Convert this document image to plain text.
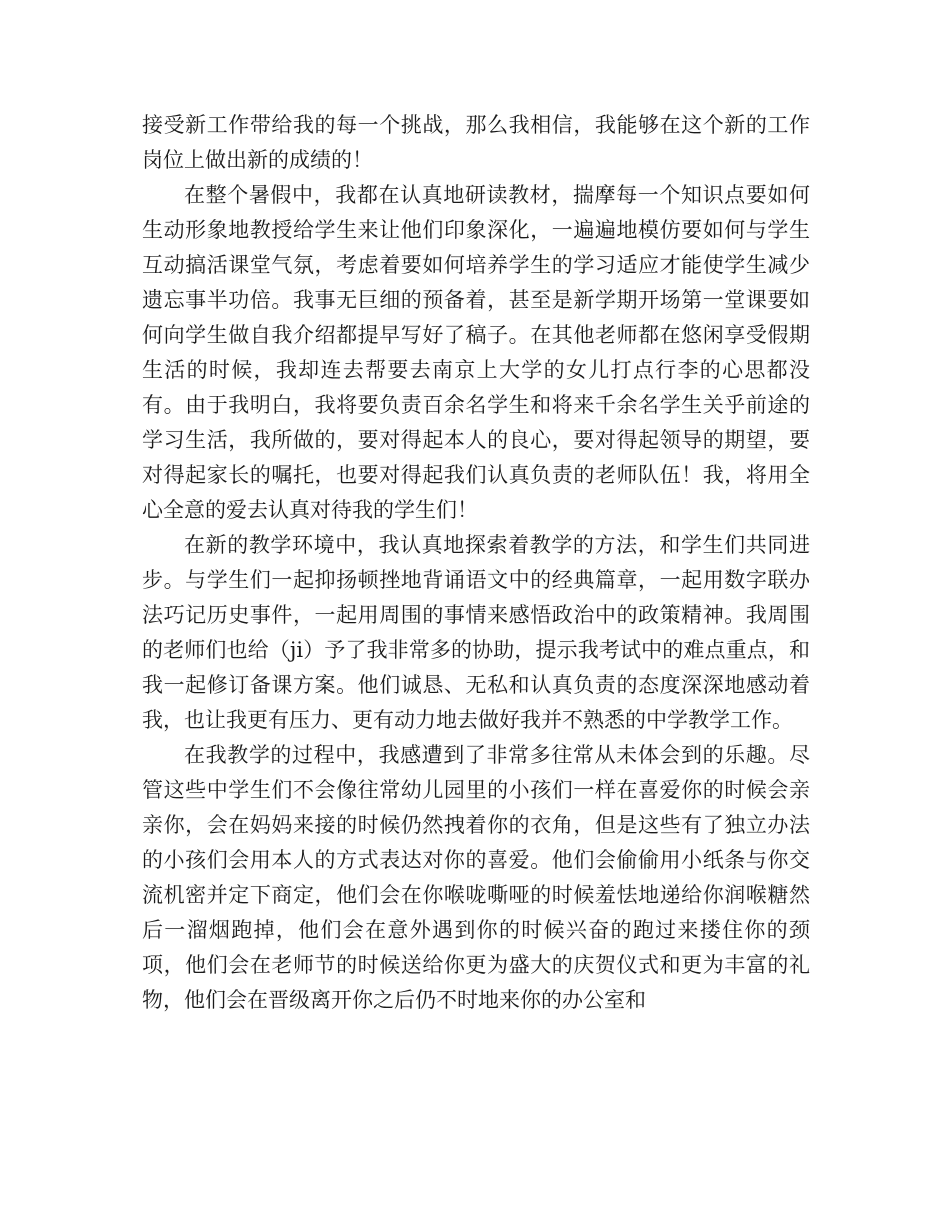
接受新工作带给我的每一个挑战，那么我相信，我能够在这个新的工作岗位上做出新的成绩的！

在整个暑假中，我都在认真地研读教材，揣摩每一个知识点要如何生动形象地教授给学生来让他们印象深化，一遍遍地模仿要如何与学生互动搞活课堂气氛，考虑着要如何培养学生的学习适应才能使学生减少遗忘事半功倍。我事无巨细的预备着，甚至是新学期开场第一堂课要如何向学生做自我介绍都提早写好了稿子。在其他老师都在悠闲享受假期生活的时候，我却连去帮要去南京上大学的女儿打点行李的心思都没有。由于我明白，我将要负责百余名学生和将来千余名学生关乎前途的学习生活，我所做的，要对得起本人的良心，要对得起领导的期望，要对得起家长的嘱托，也要对得起我们认真负责的老师队伍！我，将用全心全意的爱去认真对待我的学生们！

在新的教学环境中，我认真地探索着教学的方法，和学生们共同进步。与学生们一起抑扬顿挫地背诵语文中的经典篇章，一起用数字联办法巧记历史事件，一起用周围的事情来感悟政治中的政策精神。我周围的老师们也给（ji）予了我非常多的协助，提示我考试中的难点重点，和我一起修订备课方案。他们诚恳、无私和认真负责的态度深深地感动着我，也让我更有压力、更有动力地去做好我并不熟悉的中学教学工作。

在我教学的过程中，我感遭到了非常多往常从未体会到的乐趣。尽管这些中学生们不会像往常幼儿园里的小孩们一样在喜爱你的时候会亲亲你，会在妈妈来接的时候仍然拽着你的衣角，但是这些有了独立办法的小孩们会用本人的方式表达对你的喜爱。他们会偷偷用小纸条与你交流机密并定下商定，他们会在你喉咙嘶哑的时候羞怯地递给你润喉糖然后一溜烟跑掉，他们会在意外遇到你的时候兴奋的跑过来搂住你的颈项，他们会在老师节的时候送给你更为盛大的庆贺仪式和更为丰富的礼物，他们会在晋级离开你之后仍不时地来你的办公室和
